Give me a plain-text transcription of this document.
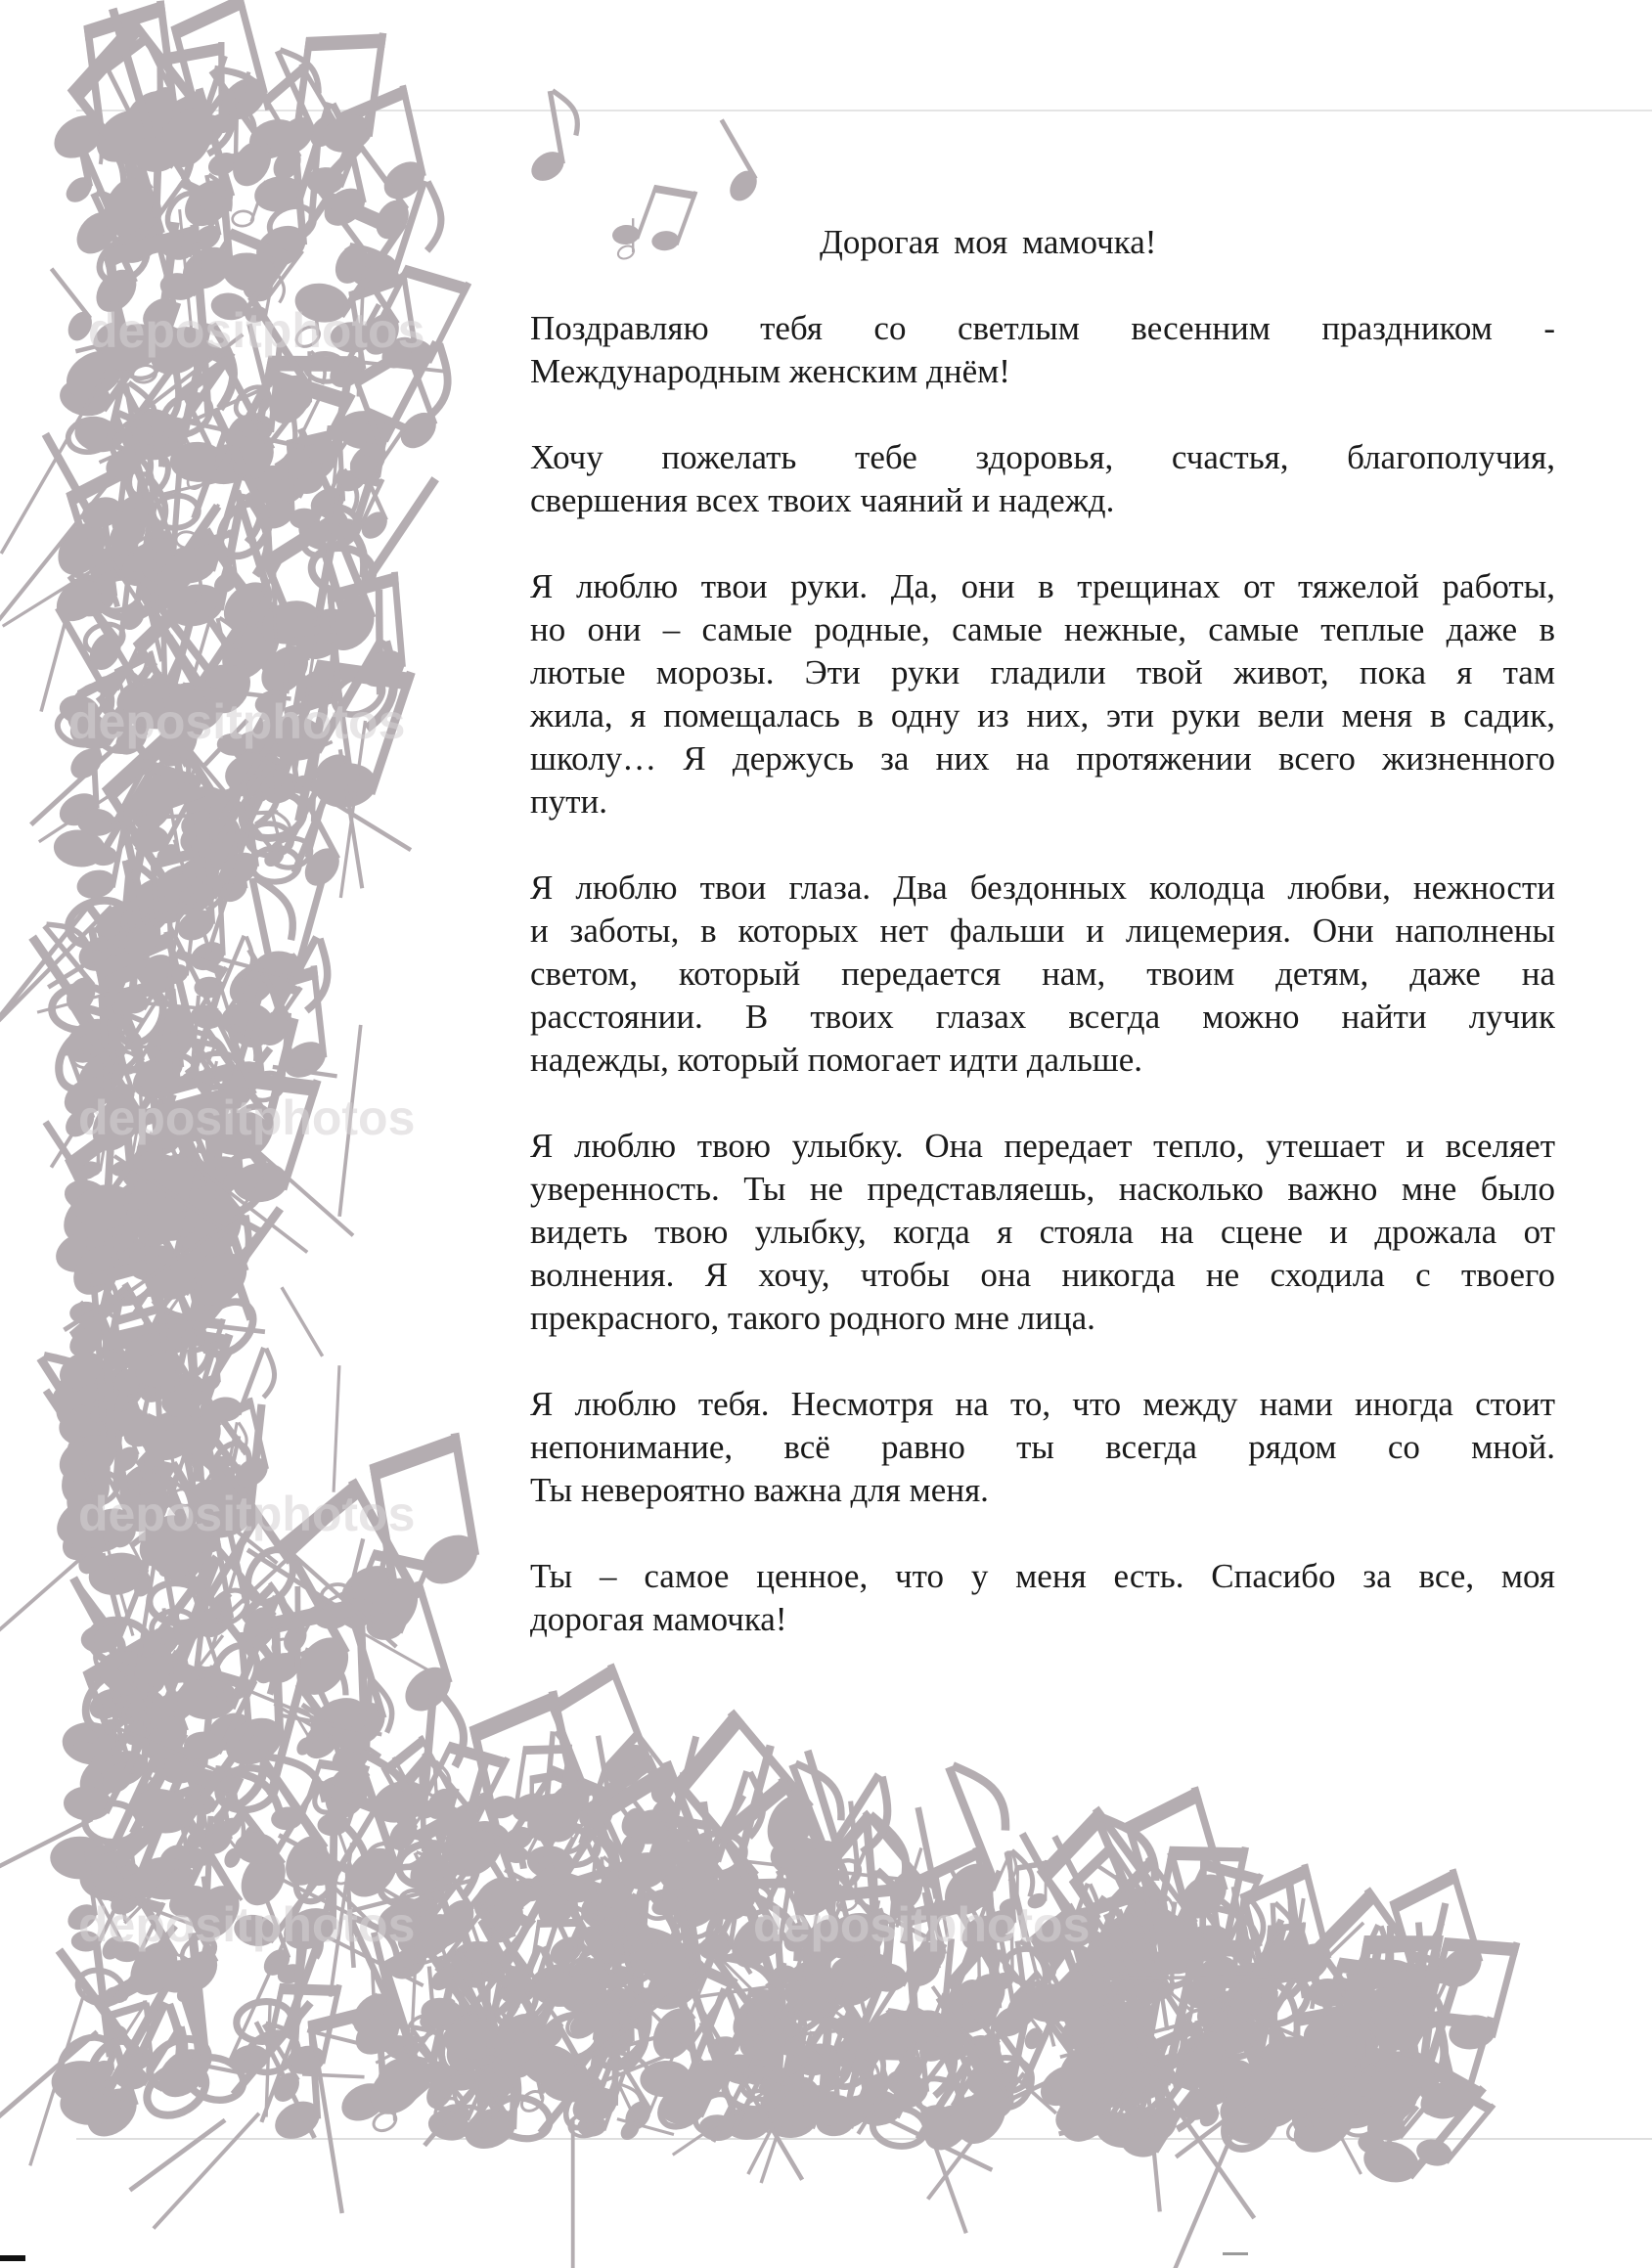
depositphotos
depositphotos
depositphotos
depositphotos
depositphotos	depositphotos
Дорогая моя мамочка!

Поздравляю тебя со светлым весенним праздником -
Международным женским днём!

Хочу пожелать тебе здоровья, счастья, благополучия,
свершения всех твоих чаяний и надежд.

Я люблю твои руки. Да, они в трещинах от тяжелой работы,
но они – самые родные, самые нежные, самые теплые даже в
лютые морозы. Эти руки гладили твой живот, пока я там
жила, я помещалась в одну из них, эти руки вели меня в садик,
школу… Я держусь за них на протяжении всего жизненного
пути.

Я люблю твои глаза. Два бездонных колодца любви, нежности
и заботы, в которых нет фальши и лицемерия. Они наполнены
светом, который передается нам, твоим детям, даже на
расстоянии. В твоих глазах всегда можно найти лучик
надежды, который помогает идти дальше.

Я люблю твою улыбку. Она передает тепло, утешает и вселяет
уверенность. Ты не представляешь, насколько важно мне было
видеть твою улыбку, когда я стояла на сцене и дрожала от
волнения. Я хочу, чтобы она никогда не сходила с твоего
прекрасного, такого родного мне лица.

Я люблю тебя. Несмотря на то, что между нами иногда стоит
непонимание, всё равно ты всегда рядом со мной.
Ты невероятно важна для меня.

Ты – самое ценное, что у меня есть. Спасибо за все, моя
дорогая мамочка!
